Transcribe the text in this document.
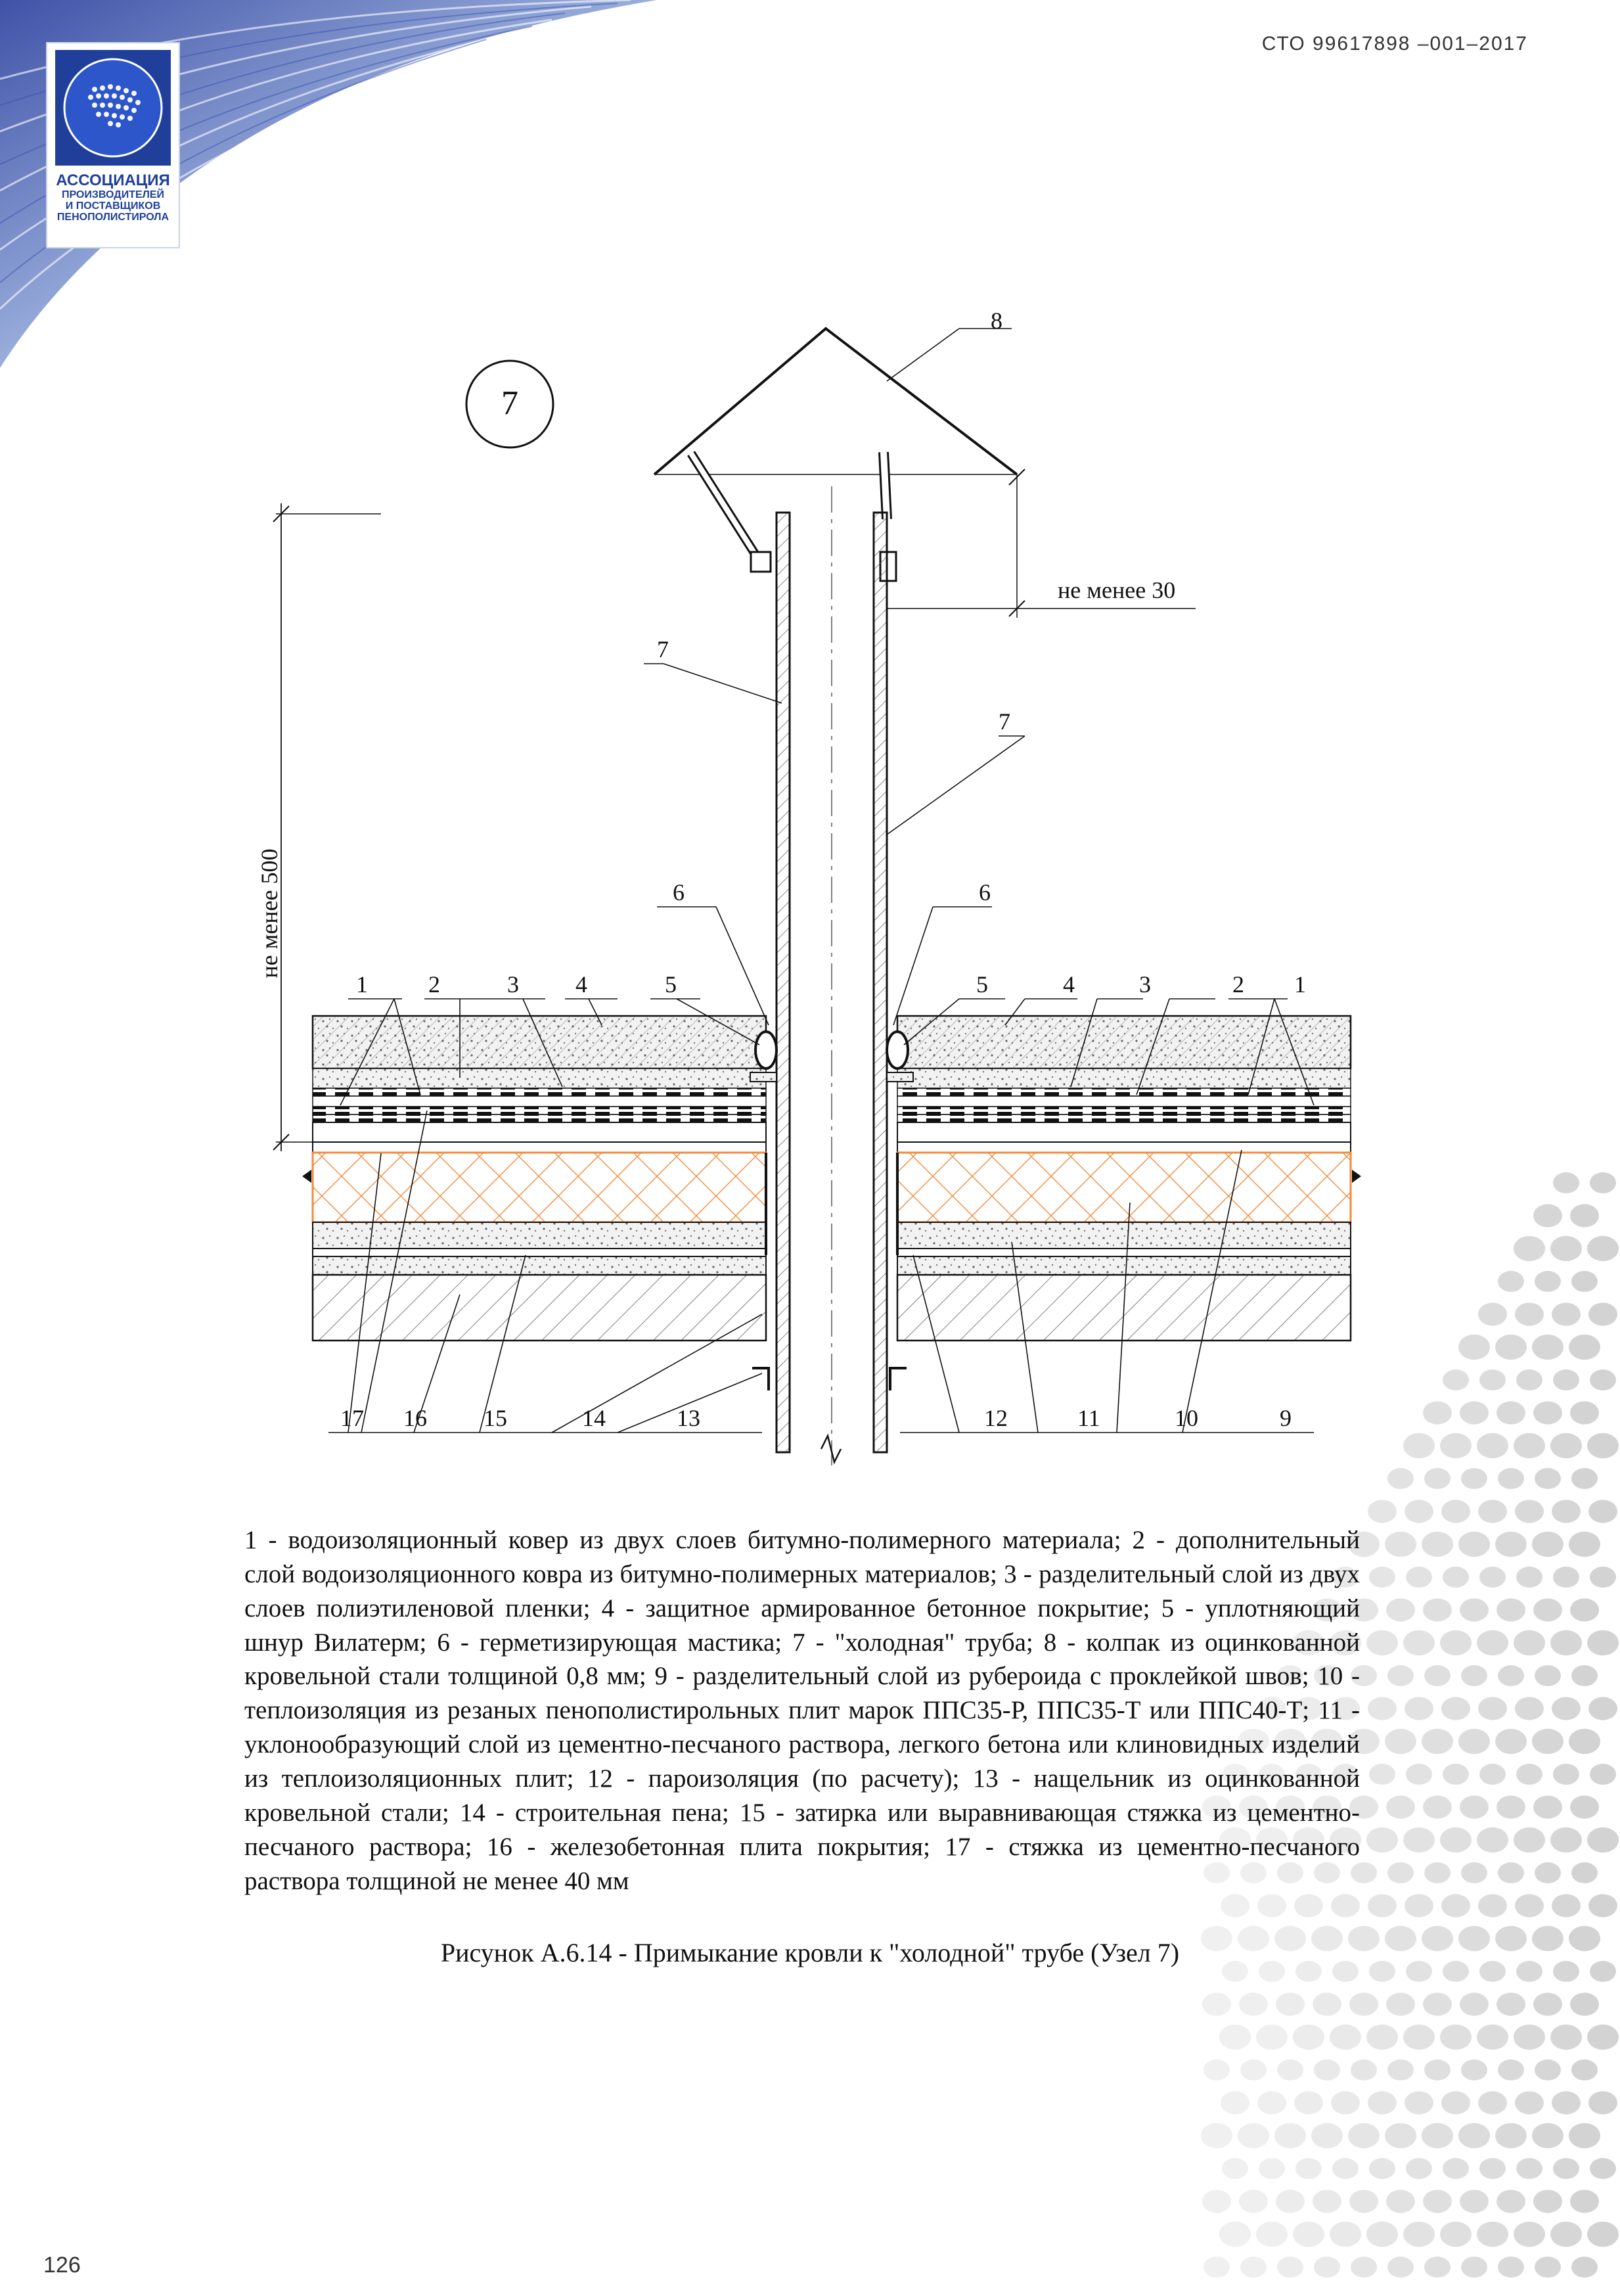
АССОЦИАЦИЯ
ПРОИЗВОДИТЕЛЕЙ
И ПОСТАВЩИКОВ
ПЕНОПОЛИСТИРОЛА
СТО 99617898 –001–2017
7
не менее 500
не менее 30
1	2	3 4	5
6
7
8
7
6
5	4	3	2 1
17 16 15	14	13	12	11	10	9
1 - водоизоляционный ковер из двух слоев битумно-полимерного материала; 2 - дополнительный слой водоизоляционного ковра из битумно-полимерных материалов; 3 - разделительный слой из двух слоев полиэтиленовой пленки; 4 - защитное армированное бетонное покрытие; 5 - уплотняющий шнур Вилатерм; 6 - герметизирующая мастика; 7 - "холодная" труба; 8 - колпак из оцинкованной кровельной стали толщиной 0,8 мм; 9 - разделительный слой из рубероида с проклейкой швов; 10 - теплоизоляция из резаных пенополистирольных плит марок ППС35-Р, ППС35-Т или ППС40-Т; 11 - уклонообразующий слой из цементно-песчаного раствора, легкого бетона или клиновидных изделий из теплоизоляционных плит; 12 - пароизоляция (по расчету); 13 - нащельник из оцинкованной кровельной стали; 14 - строительная пена; 15 - затирка или выравнивающая стяжка из цементно-песчаного раствора; 16 - железобетонная плита покрытия; 17 - стяжка из цементно-песчаного раствора толщиной не менее 40 мм
Рисунок А.6.14 - Примыкание кровли к "холодной" трубе (Узел 7)
126
